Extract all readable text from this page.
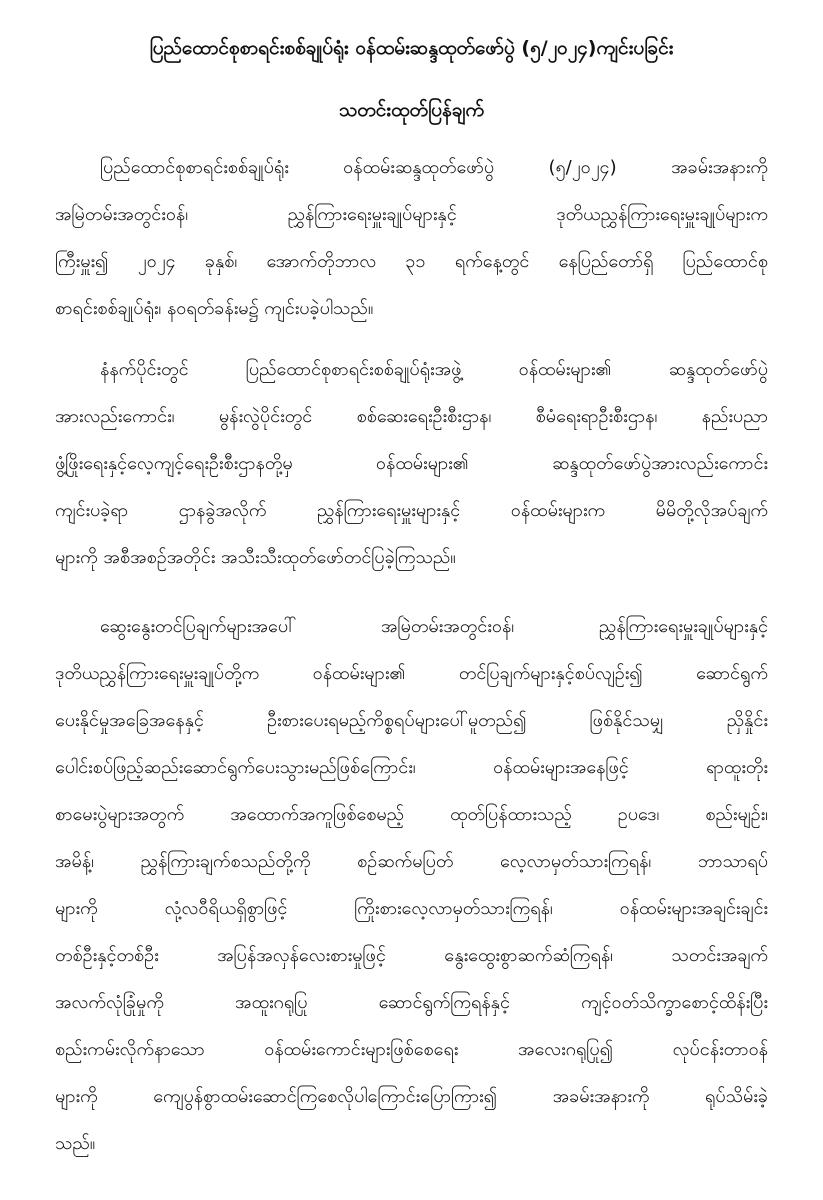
ပြည်ထောင်စုစာရင်းစစ်ချုပ်ရုံး ဝန်ထမ်းဆန္ဒထုတ်ဖော်ပွဲ (၅/၂၀၂၄)ကျင်းပခြင်း
သတင်းထုတ်ပြန်ချက်
ပြည်ထောင်စုစာရင်းစစ်ချုပ်ရုံး ဝန်ထမ်းဆန္ဒထုတ်ဖော်ပွဲ (၅/၂၀၂၄) အခမ်းအနားကို
အမြဲတမ်းအတွင်းဝန်၊ ညွှန်ကြားရေးမှူးချုပ်များနှင့် ဒုတိယညွှန်ကြားရေးမှူးချုပ်များက
ကြီးမှူး၍ ၂၀၂၄ ခုနှစ်၊ အောက်တိုဘာလ ၃၁ ရက်နေ့တွင် နေပြည်တော်ရှိ ပြည်ထောင်စု
စာရင်းစစ်ချုပ်ရုံး၊ နဝရတ်ခန်းမ၌ ကျင်းပခဲ့ပါသည်။
နံနက်ပိုင်းတွင် ပြည်ထောင်စုစာရင်းစစ်ချုပ်ရုံးအဖွဲ့ ဝန်ထမ်းများ၏ ဆန္ဒထုတ်ဖော်ပွဲ
အားလည်းကောင်း၊ မွန်းလွဲပိုင်းတွင် စစ်ဆေးရေးဦးစီးဌာန၊ စီမံရေးရာဦးစီးဌာန၊ နည်းပညာ
ဖွံ့ဖြိုးရေးနှင့်လေ့ကျင့်ရေးဦးစီးဌာနတို့မှ ဝန်ထမ်းများ၏ ဆန္ဒထုတ်ဖော်ပွဲအားလည်းကောင်း
ကျင်းပခဲ့ရာ ဌာနခွဲအလိုက် ညွှန်ကြားရေးမှူးများနှင့် ဝန်ထမ်းများက မိမိတို့လိုအပ်ချက်
များကို အစီအစဉ်အတိုင်း အသီးသီးထုတ်ဖော်တင်ပြခဲ့ကြသည်။
ဆွေးနွေးတင်ပြချက်များအပေါ် အမြဲတမ်းအတွင်းဝန်၊ ညွှန်ကြားရေးမှူးချုပ်များနှင့်
ဒုတိယညွှန်ကြားရေးမှူးချုပ်တို့က ဝန်ထမ်းများ၏ တင်ပြချက်များနှင့်စပ်လျဉ်း၍ ဆောင်ရွက်
ပေးနိုင်မှုအခြေအနေနှင့် ဦးစားပေးရမည့်ကိစ္စရပ်များပေါ်မူတည်၍ ဖြစ်နိုင်သမျှ ညှိနှိုင်း
ပေါင်းစပ်ဖြည့်ဆည်းဆောင်ရွက်ပေးသွားမည်ဖြစ်ကြောင်း၊ ဝန်ထမ်းများအနေဖြင့် ရာထူးတိုး
စာမေးပွဲများအတွက် အထောက်အကူဖြစ်စေမည့် ထုတ်ပြန်ထားသည့် ဥပဒေ၊ စည်းမျဉ်း၊
အမိန့်၊ ညွှန်ကြားချက်စသည်တို့ကို စဉ်ဆက်မပြတ် လေ့လာမှတ်သားကြရန်၊ ဘာသာရပ်
များကို လုံ့လဝီရိယရှိစွာဖြင့် ကြိုးစားလေ့လာမှတ်သားကြရန်၊ ဝန်ထမ်းများအချင်းချင်း
တစ်ဦးနှင့်တစ်ဦး အပြန်အလှန်လေးစားမှုဖြင့် နွေးထွေးစွာဆက်ဆံကြရန်၊ သတင်းအချက်
အလက်လုံခြုံမှုကို အထူးဂရုပြု ဆောင်ရွက်ကြရန်နှင့် ကျင့်ဝတ်သိက္ခာစောင့်ထိန်းပြီး
စည်းကမ်းလိုက်နာသော ဝန်ထမ်းကောင်းများဖြစ်စေရေး အလေးဂရုပြု၍ လုပ်ငန်းတာဝန်
များကို ကျေပွန်စွာထမ်းဆောင်ကြစေလိုပါကြောင်းပြောကြား၍ အခမ်းအနားကို ရုပ်သိမ်းခဲ့
သည်။
